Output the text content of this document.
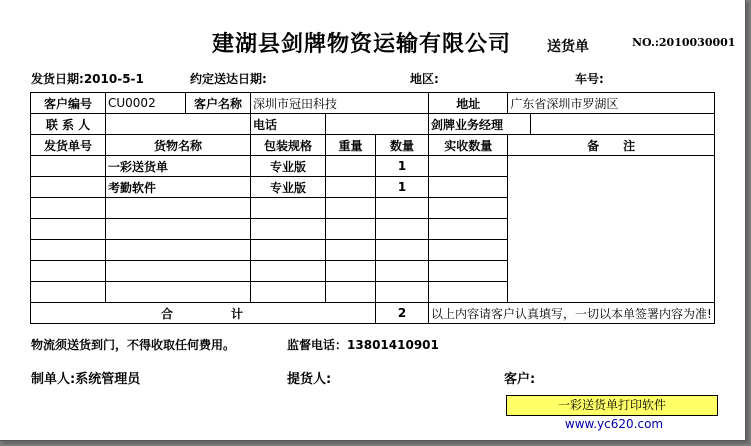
建湖县剑牌物资运输有限公司	送货单	NO.:2010030001
发货日期:2010-5-1	约定送达日期:	地区:	车号:
客户编号	CU0002	客户名称	深圳市冠田科技			地址	广东省深圳市罗湖区	
联 系 人			电话			剑牌业务经理		
发货单号	货物名称		包装规格	重量	数量	实收数量	备　　注	
	一彩送货单		专业版		1			
	考勤软件		专业版		1			

合　　　　计					2	以上内容请客户认真填写，一切以本单签署内容为准!		
物流须送货到门，不得收取任何费用。	监督电话：13801410901
制单人:系统管理员	提货人:	客户:
一彩送货单打印软件www.yc620.com
